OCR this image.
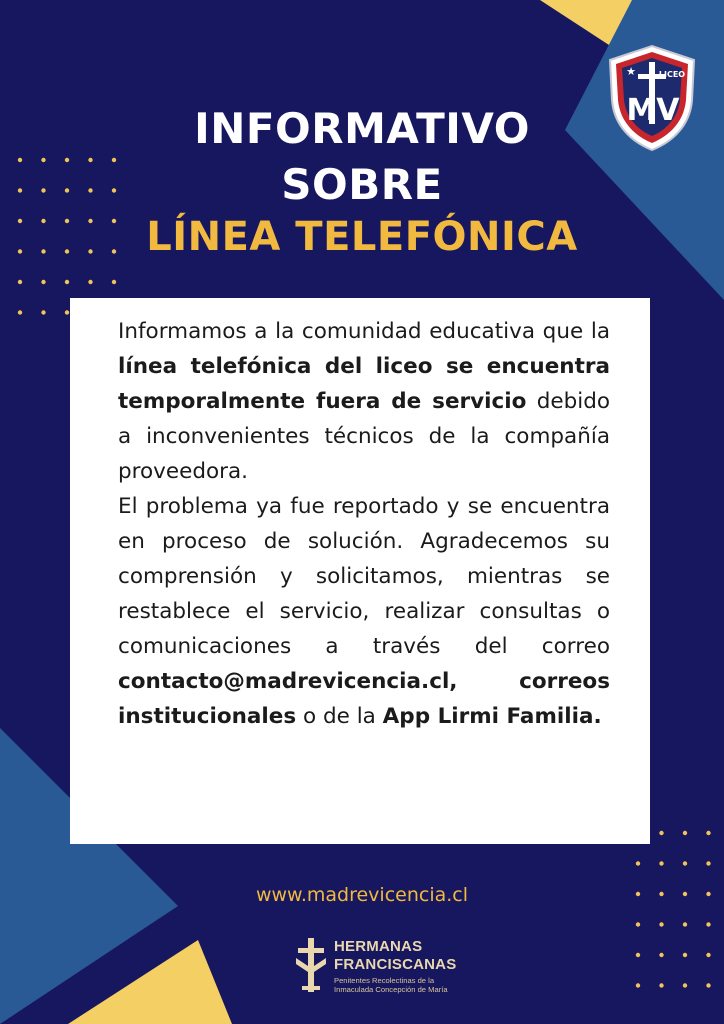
★
MV
LICEO
INFORMATIVO
SOBRE
LÍNEA TELEFÓNICA

Informamos a la comunidad educativa que la línea telefónica del liceo se encuentra temporalmente fuera de servicio debido a inconvenientes técnicos de la compañía proveedora.

El problema ya fue reportado y se encuentra en proceso de solución. Agradecemos su comprensión y solicitamos, mientras se restablece el servicio, realizar consultas o comunicaciones a través del correo contacto@madrevicencia.cl, correos institucionales o de la App Lirmi Familia.

www.madrevicencia.cl
HERMANAS
FRANCISCANAS
Penitentes Recolectinas de la
Inmaculada Concepción de María
